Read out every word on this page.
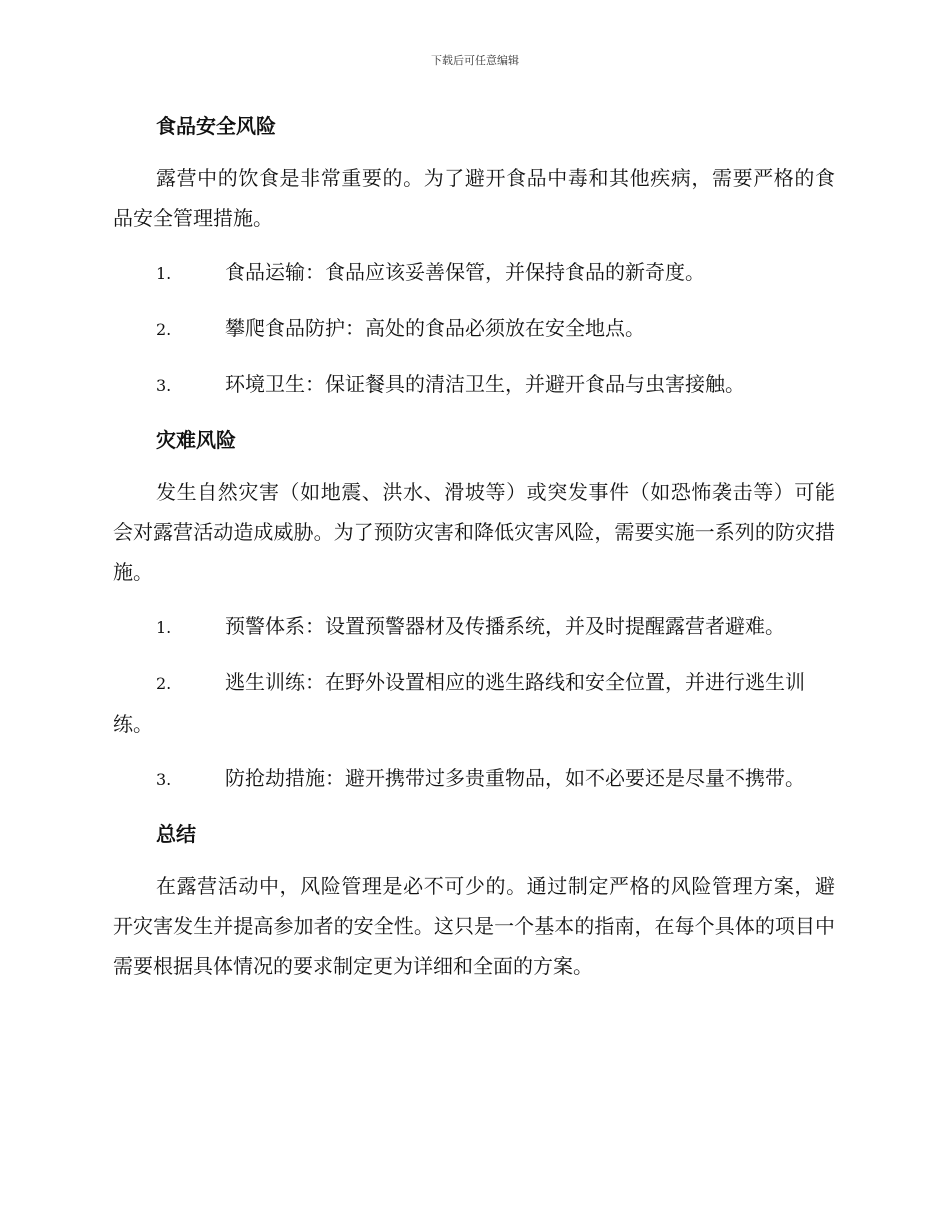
下载后可任意编辑
食品安全风险

露营中的饮食是非常重要的。为了避开食品中毒和其他疾病，需要严格的食品安全管理措施。

1.	食品运输：食品应该妥善保管，并保持食品的新奇度。
2.	攀爬食品防护：高处的食品必须放在安全地点。
3.	环境卫生：保证餐具的清洁卫生，并避开食品与虫害接触。
灾难风险

发生自然灾害（如地震、洪水、滑坡等）或突发事件（如恐怖袭击等）可能会对露营活动造成威胁。为了预防灾害和降低灾害风险，需要实施一系列的防灾措施。

1.	预警体系：设置预警器材及传播系统，并及时提醒露营者避难。
2.	逃生训练：在野外设置相应的逃生路线和安全位置，并进行逃生训练。
3.	防抢劫措施：避开携带过多贵重物品，如不必要还是尽量不携带。
总结

在露营活动中，风险管理是必不可少的。通过制定严格的风险管理方案，避开灾害发生并提高参加者的安全性。这只是一个基本的指南，在每个具体的项目中需要根据具体情况的要求制定更为详细和全面的方案。
